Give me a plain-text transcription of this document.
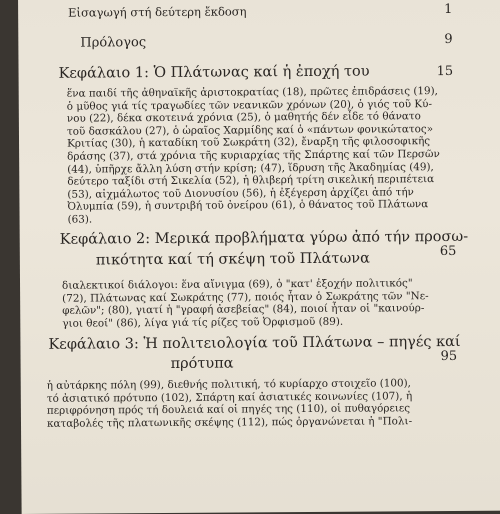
Εἰσαγωγή στή δεύτερη ἔκδοση	1
Πρόλογος	9
Κεφάλαιο 1: Ὁ Πλάτωνας καί ἡ ἐποχή του	15
ἕνα παιδί τῆς ἀθηναϊκῆς ἀριστοκρατίας (18), πρῶτες ἐπιδράσεις (19),
ὁ μῦθος γιά τίς τραγωδίες τῶν νεανικῶν χρόνων (20), ὁ γιός τοῦ Κύ-
νου (22), δέκα σκοτεινά χρόνια (25), ὁ μαθητής δέν εἶδε τό θάνατο
τοῦ δασκάλου (27), ὁ ὡραῖος Χαρμίδης καί ὁ «πάντων φονικώτατος»
Κριτίας (30), ἡ καταδίκη τοῦ Σωκράτη (32), ἔναρξη τῆς φιλοσοφικῆς
δράσης (37), στά χρόνια τῆς κυριαρχίας τῆς Σπάρτης καί τῶν Περσῶν
(44), ὑπῆρχε ἄλλη λύση στήν κρίση; (47), ἵδρυση τῆς Ἀκαδημίας (49),
δεύτερο ταξίδι στή Σικελία (52), ἡ θλιβερή τρίτη σικελική περιπέτεια
(53), αἰχμάλωτος τοῦ Διονυσίου (56), ἡ ἐξέγερση ἀρχίζει ἀπό τήν
Ὀλυμπία (59), ἡ συντριβή τοῦ ὀνείρου (61), ὁ θάνατος τοῦ Πλάτωνα
(63).
Κεφάλαιο 2: Μερικά προβλήματα γύρω ἀπό τήν προσω-
πικότητα καί τή σκέψη τοῦ Πλάτωνα	65
διαλεκτικοί διάλογοι: ἕνα αἴνιγμα (69), ὁ "κατ' ἐξοχήν πολιτικός"
(72), Πλάτωνας καί Σωκράτης (77), ποιός ἦταν ὁ Σωκράτης τῶν "Νε-
φελῶν"; (80), γιατί ἡ "γραφή ἀσεβείας" (84), ποιοί ἦταν οἱ "καινούρ-
γιοι θεοί" (86), λίγα γιά τίς ρίζες τοῦ Ὀρφισμοῦ (89).
Κεφάλαιο 3: Ἡ πολιτειολογία τοῦ Πλάτωνα – πηγές καί
πρότυπα	95
ἡ αὐτάρκης πόλη (99), διεθνής πολιτική, τό κυρίαρχο στοιχεῖο (100),
τό ἀσιατικό πρότυπο (102), Σπάρτη καί ἀσιατικές κοινωνίες (107), ἡ
περιφρόνηση πρός τή δουλειά καί οἱ πηγές της (110), οἱ πυθαγόρειες
καταβολές τῆς πλατωνικῆς σκέψης (112), πώς ὀργανώνεται ἡ "Πολι-
